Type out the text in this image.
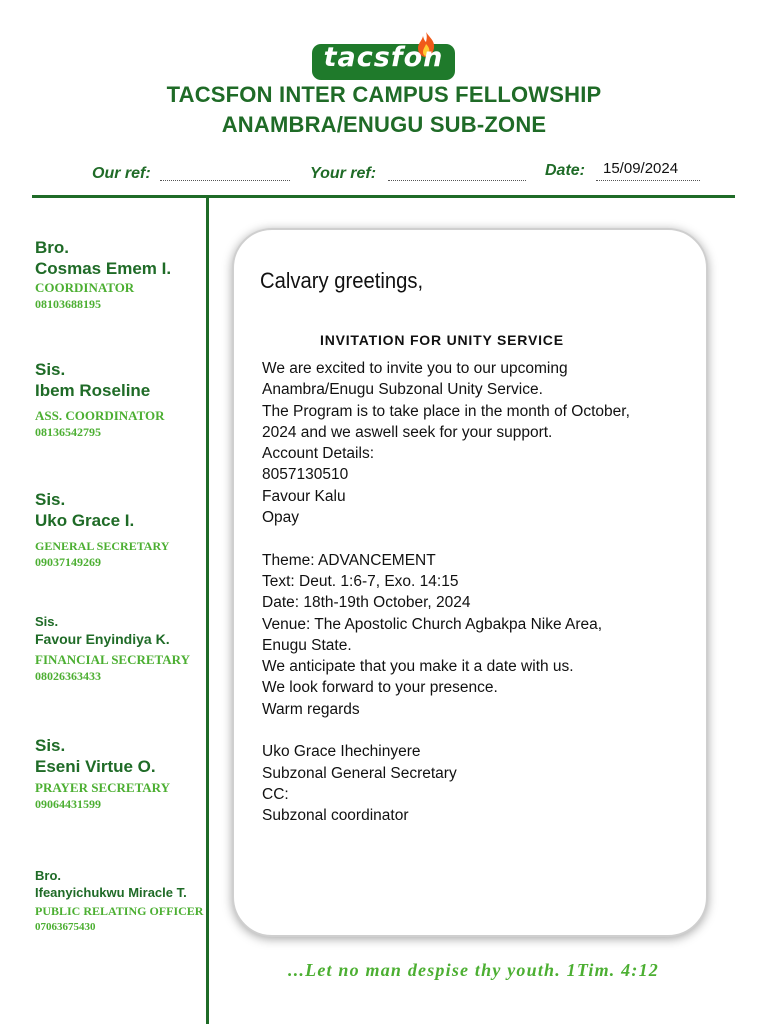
tacsfon
TACSFON INTER CAMPUS FELLOWSHIP
ANAMBRA/ENUGU SUB-ZONE
Our ref:	Your ref:	Date: 15/09/2024
Bro.
Cosmas Emem I.
COORDINATOR
08103688195
Sis.
Ibem Roseline
ASS. COORDINATOR
08136542795
Sis.
Uko Grace I.
GENERAL SECRETARY
09037149269
Sis.
Favour Enyindiya K.
FINANCIAL SECRETARY
08026363433
Sis.
Eseni Virtue O.
PRAYER SECRETARY
09064431599
Bro.
Ifeanyichukwu Miracle T.
PUBLIC RELATING OFFICER
07063675430
Calvary greetings,
INVITATION FOR UNITY SERVICE
We are excited to invite you to our upcoming
Anambra/Enugu Subzonal Unity Service.
The Program is to take place in the month of October,
2024 and we aswell seek for your support.
Account Details:
8057130510
Favour Kalu
Opay
Theme: ADVANCEMENT
Text: Deut. 1:6-7, Exo. 14:15
Date: 18th-19th October, 2024
Venue: The Apostolic Church Agbakpa Nike Area,
Enugu State.
We anticipate that you make it a date with us.
We look forward to your presence.
Warm regards
Uko Grace Ihechinyere
Subzonal General Secretary
CC:
Subzonal coordinator
...Let no man despise thy youth. 1Tim. 4:12
